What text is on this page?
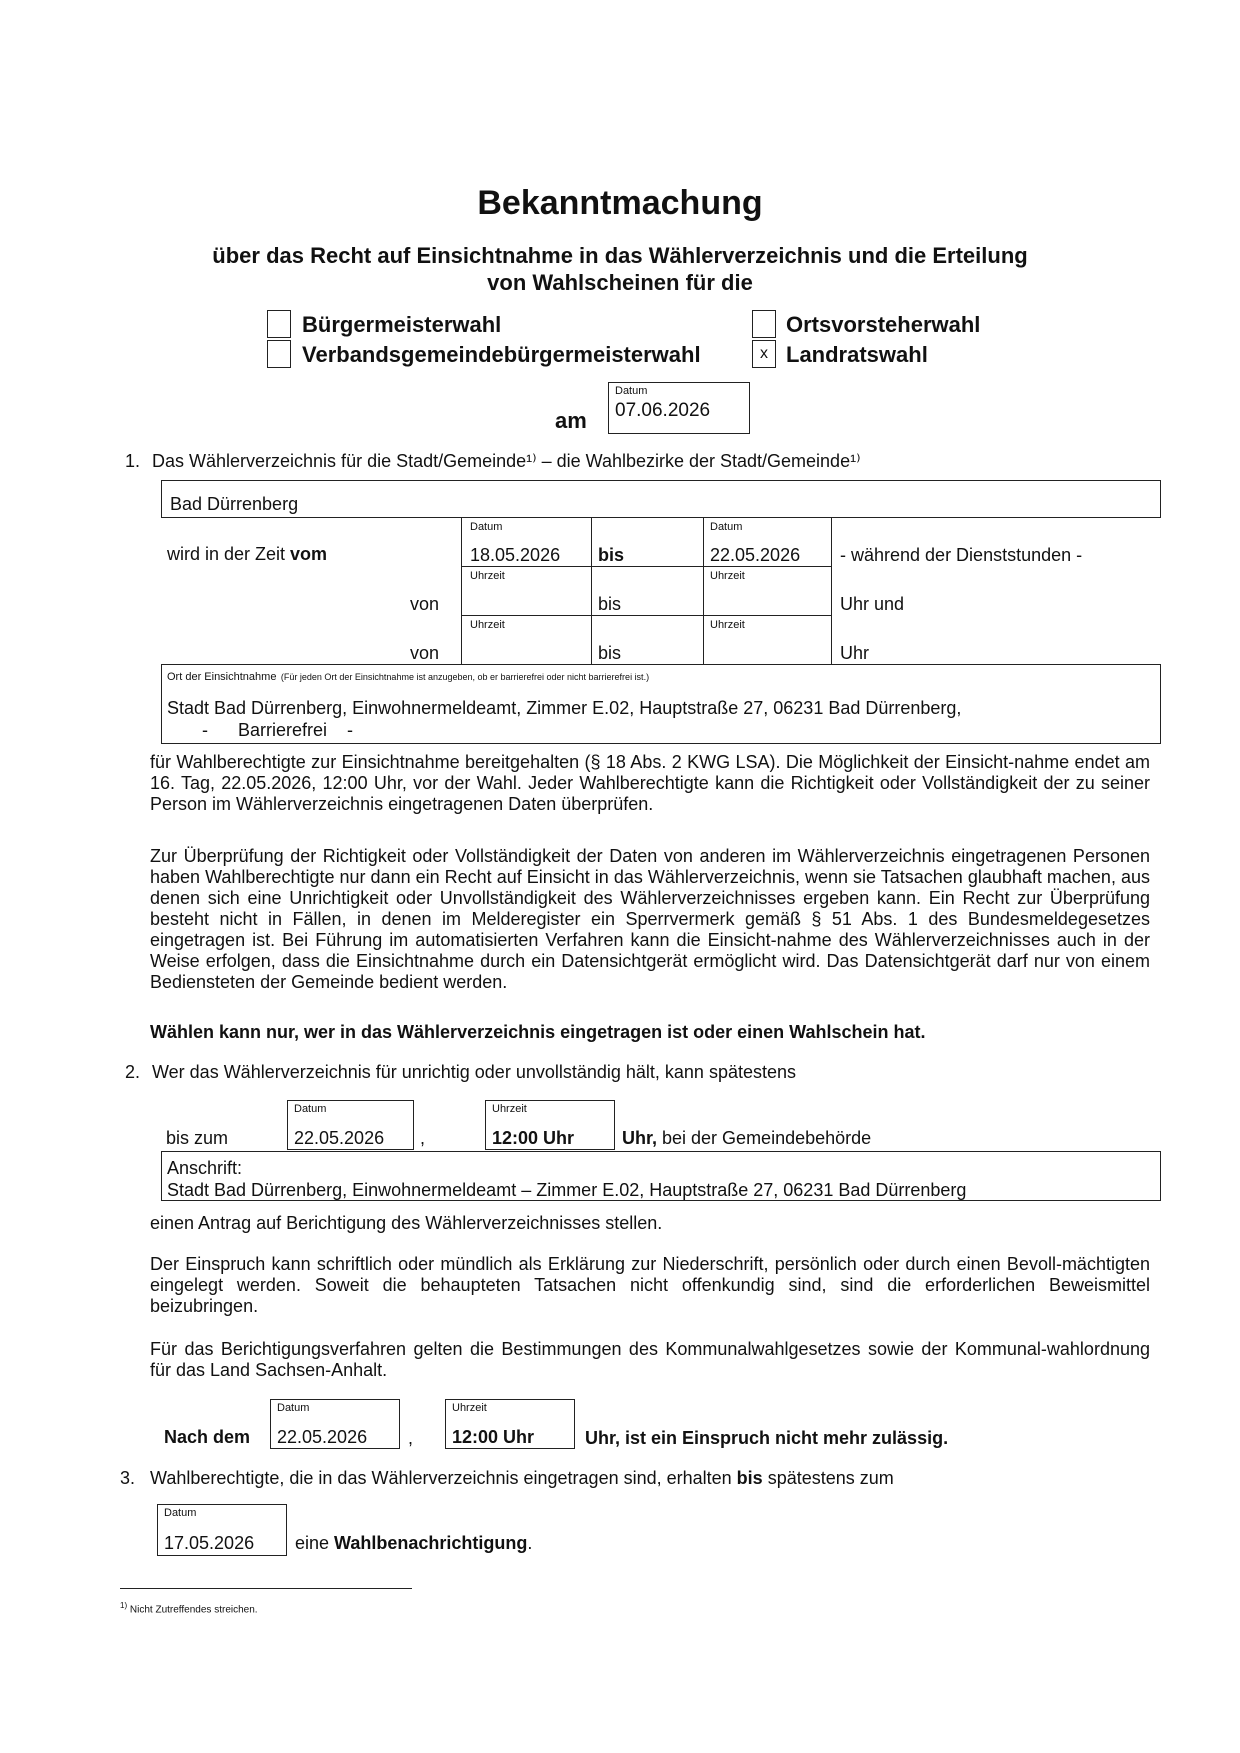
Bekanntmachung
über das Recht auf Einsichtnahme in das Wählerverzeichnis und die Erteilung
von Wahlscheinen für die
Bürgermeisterwahl
Verbandsgemeindebürgermeisterwahl
Ortsvorsteherwahl
x Landratswahl
am
Datum
07.06.2026
1. Das Wählerverzeichnis für die Stadt/Gemeinde¹⁾ – die Wahlbezirke der Stadt/Gemeinde¹⁾
Bad Dürrenberg
wird in der Zeit vom
Datum
18.05.2026 bis
Datum
22.05.2026 - während der Dienststunden -
von
Uhrzeit
bis
Uhrzeit
Uhr und
von
Uhrzeit
bis
Uhrzeit
Uhr
Ort der Einsichtnahme (Für jeden Ort der Einsichtnahme ist anzugeben, ob er barrierefrei oder nicht barrierefrei ist.)
Stadt Bad Dürrenberg, Einwohnermeldeamt, Zimmer E.02, Hauptstraße 27, 06231 Bad Dürrenberg,
-      Barrierefrei    -
für Wahlberechtigte zur Einsichtnahme bereitgehalten (§ 18 Abs. 2 KWG LSA). Die Möglichkeit der Einsicht-nahme endet am 16. Tag, 22.05.2026, 12:00 Uhr, vor der Wahl. Jeder Wahlberechtigte kann die Richtigkeit oder Vollständigkeit der zu seiner Person im Wählerverzeichnis eingetragenen Daten überprüfen.
Zur Überprüfung der Richtigkeit oder Vollständigkeit der Daten von anderen im Wählerverzeichnis eingetragenen Personen haben Wahlberechtigte nur dann ein Recht auf Einsicht in das Wählerverzeichnis, wenn sie Tatsachen glaubhaft machen, aus denen sich eine Unrichtigkeit oder Unvollständigkeit des Wählerverzeichnisses ergeben kann. Ein Recht zur Überprüfung besteht nicht in Fällen, in denen im Melderegister ein Sperrvermerk gemäß § 51 Abs. 1 des Bundesmeldegesetzes eingetragen ist. Bei Führung im automatisierten Verfahren kann die Einsicht-nahme des Wählerverzeichnisses auch in der Weise erfolgen, dass die Einsichtnahme durch ein Datensichtgerät ermöglicht wird. Das Datensichtgerät darf nur von einem Bediensteten der Gemeinde bedient werden.
Wählen kann nur, wer in das Wählerverzeichnis eingetragen ist oder einen Wahlschein hat.
2. Wer das Wählerverzeichnis für unrichtig oder unvollständig hält, kann spätestens
bis zum
Datum
22.05.2026 ,
Uhrzeit
12:00 Uhr	Uhr, bei der Gemeindebehörde
Anschrift:
Stadt Bad Dürrenberg, Einwohnermeldeamt – Zimmer E.02, Hauptstraße 27, 06231 Bad Dürrenberg
einen Antrag auf Berichtigung des Wählerverzeichnisses stellen.
Der Einspruch kann schriftlich oder mündlich als Erklärung zur Niederschrift, persönlich oder durch einen Bevoll-mächtigten eingelegt werden. Soweit die behaupteten Tatsachen nicht offenkundig sind, sind die erforderlichen Beweismittel beizubringen.
Für das Berichtigungsverfahren gelten die Bestimmungen des Kommunalwahlgesetzes sowie der Kommunal-wahlordnung für das Land Sachsen-Anhalt.
Nach dem
Datum
22.05.2026 ,
Uhrzeit
12:00 Uhr	Uhr, ist ein Einspruch nicht mehr zulässig.
3. Wahlberechtigte, die in das Wählerverzeichnis eingetragen sind, erhalten bis spätestens zum
Datum
17.05.2026 eine Wahlbenachrichtigung.
$^{1)}$ Nicht Zutreffendes streichen.
